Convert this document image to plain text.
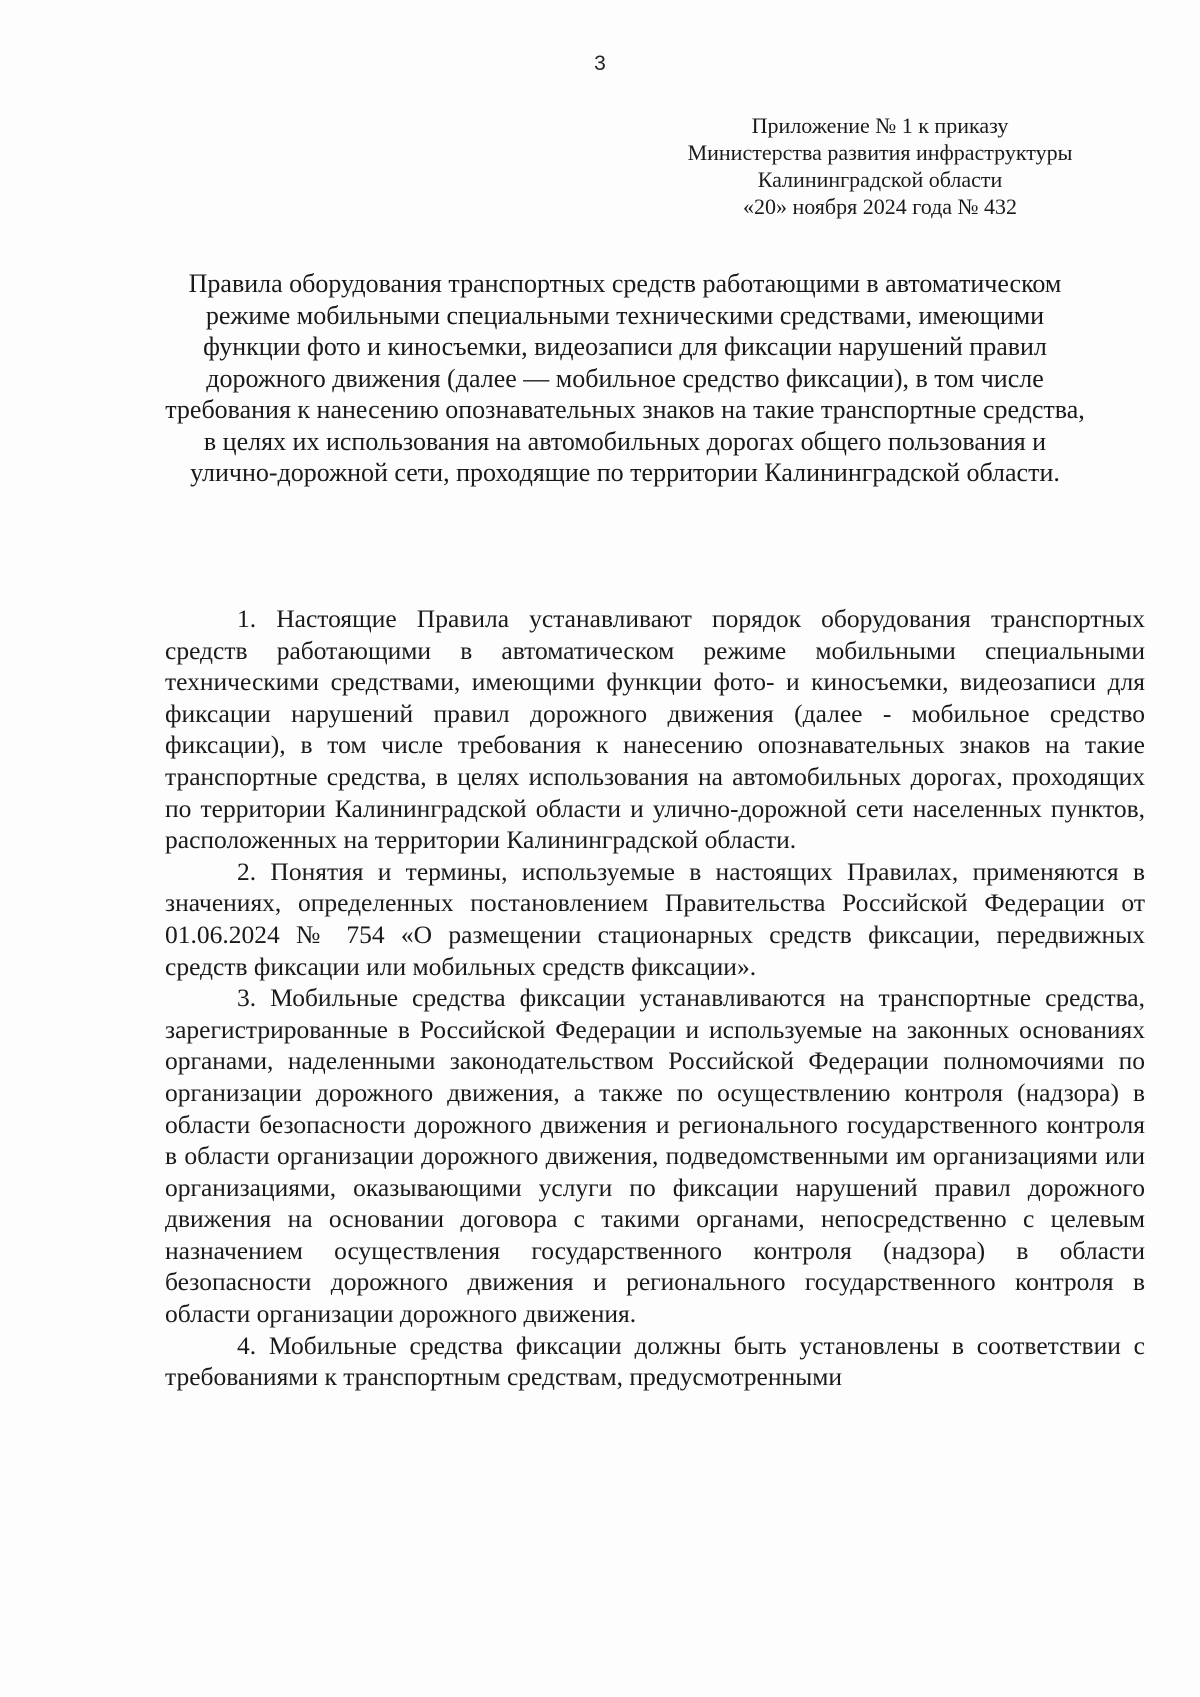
3
Приложение № 1 к приказу
Министерства развития инфраструктуры
Калининградской области
«20» ноября 2024 года № 432
Правила оборудования транспортных средств работающими в автоматическом режиме мобильными специальными техническими средствами, имеющими функции фото и киносъемки, видеозаписи для фиксации нарушений правил дорожного движения (далее — мобильное средство фиксации), в том числе требования к нанесению опознавательных знаков на такие транспортные средства, в целях их использования на автомобильных дорогах общего пользования и улично-дорожной сети, проходящие по территории Калининградской области.

1. Настоящие Правила устанавливают порядок оборудования транспортных средств работающими в автоматическом режиме мобильными специальными техническими средствами, имеющими функции фото- и киносъемки, видеозаписи для фиксации нарушений правил дорожного движения (далее - мобильное средство фиксации), в том числе требования к нанесению опознавательных знаков на такие транспортные средства, в целях использования на автомобильных дорогах, проходящих по территории Калининградской области и улично-дорожной сети населенных пунктов, расположенных на территории Калининградской области.

2. Понятия и термины, используемые в настоящих Правилах, применяются в значениях, определенных постановлением Правительства Российской Федерации от 01.06.2024 № 754 «О размещении стационарных средств фиксации, передвижных средств фиксации или мобильных средств фиксации».

3. Мобильные средства фиксации устанавливаются на транспортные средства, зарегистрированные в Российской Федерации и используемые на законных основаниях органами, наделенными законодательством Российской Федерации полномочиями по организации дорожного движения, а также по осуществлению контроля (надзора) в области безопасности дорожного движения и регионального государственного контроля в области организации дорожного движения, подведомственными им организациями или организациями, оказывающими услуги по фиксации нарушений правил дорожного движения на основании договора с такими органами, непосредственно с целевым назначением осуществления государственного контроля (надзора) в области безопасности дорожного движения и регионального государственного контроля в области организации дорожного движения.

4. Мобильные средства фиксации должны быть установлены в соответствии с требованиями к транспортным средствам, предусмотренными
